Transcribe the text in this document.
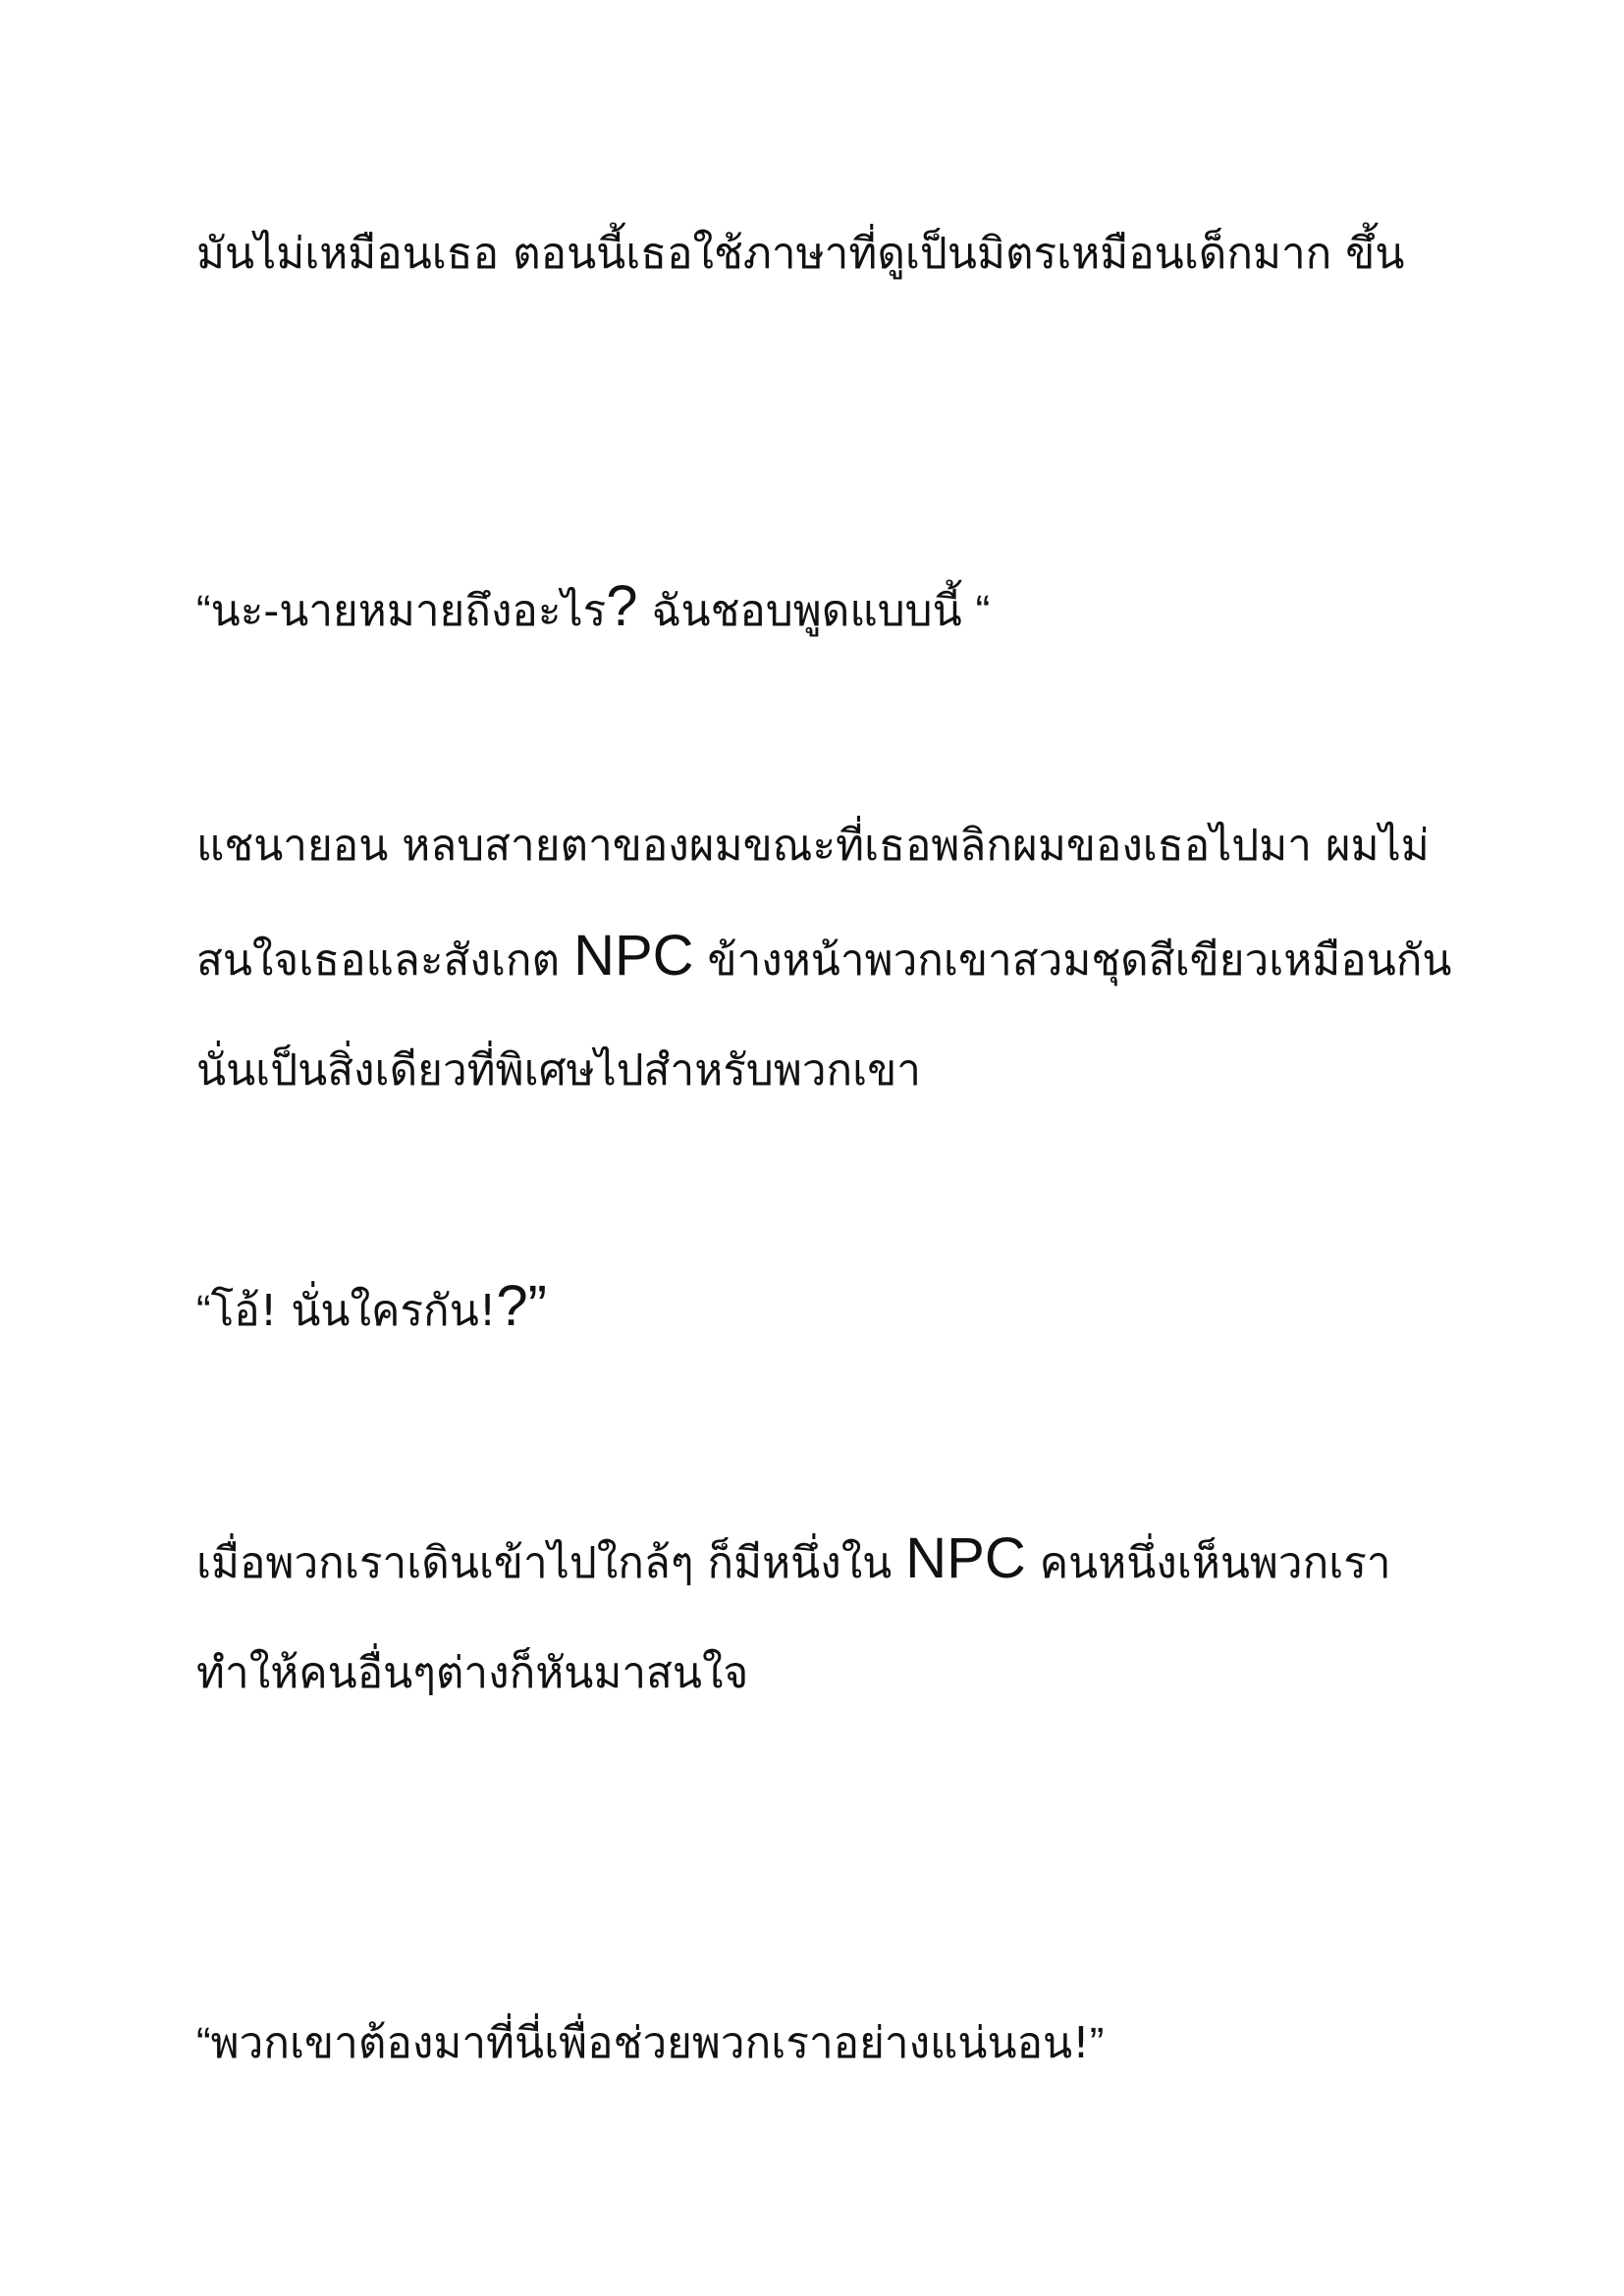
มันไม่เหมือนเธอ ตอนนี้เธอใช้ภาษาที่ดูเป็นมิตรเหมือนเด็กมาก ขึ้น

“นะ-นายหมายถึงอะไร? ฉันชอบพูดแบบนี้ “

แชนายอน หลบสายตาของผมขณะที่เธอพลิกผมของเธอไปมา ผมไม่สนใจเธอและสังเกต NPC ข้างหน้าพวกเขาสวมชุดสีเขียวเหมือนกัน นั่นเป็นสิ่งเดียวที่พิเศษไปสำหรับพวกเขา

“โอ้! นั่นใครกัน!?”

เมื่อพวกเราเดินเข้าไปใกล้ๆ ก็มีหนึ่งใน NPC คนหนึ่งเห็นพวกเราทำให้คนอื่นๆต่างก็หันมาสนใจ

“พวกเขาต้องมาที่นี่เพื่อช่วยพวกเราอย่างแน่นอน!”
